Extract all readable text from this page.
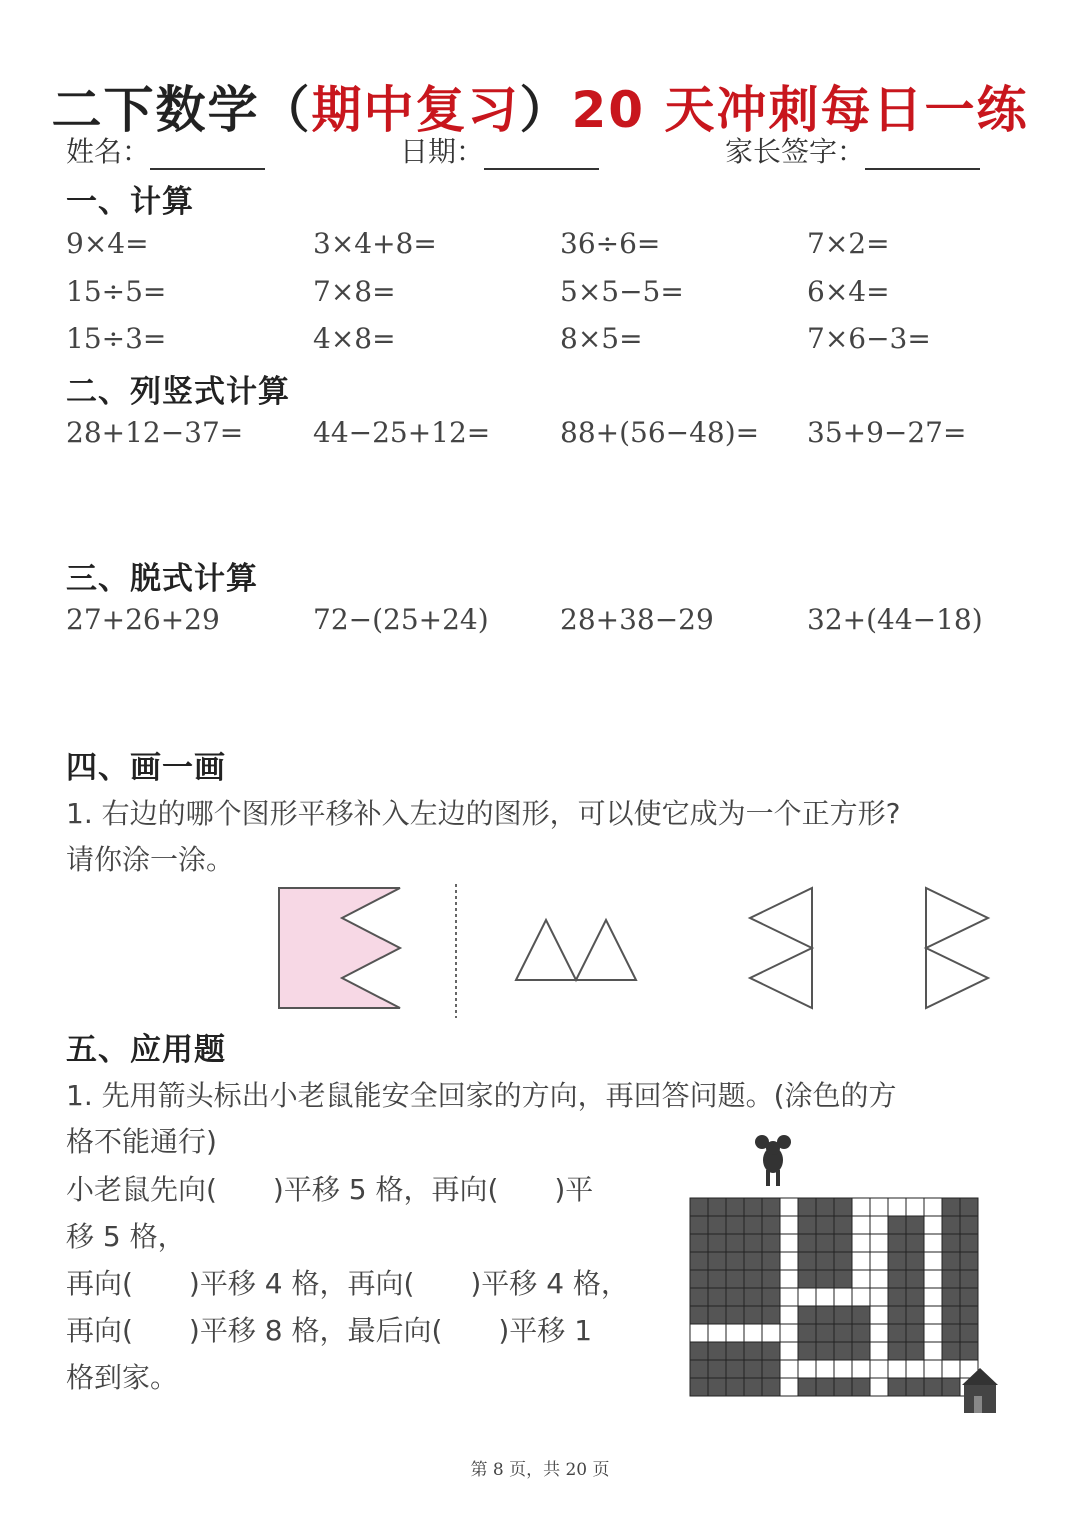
二下数学（期中复习）20 天冲刺每日一练
姓名：	日期：	家长签字：
一、计算
9×4=	3×4+8=	36÷6=	7×2=
15÷5=	7×8=	5×5−5=	6×4=
15÷3=	4×8=	8×5=	7×6−3=
二、列竖式计算
28+12−37= 44−25+12= 88+(56−48)= 35+9−27=
三、脱式计算
27+26+29	72−(25+24)	28+38−29	32+(44−18)
四、画一画
1. 右边的哪个图形平移补入左边的图形，可以使它成为一个正方形?
请你涂一涂。
五、应用题
1. 先用箭头标出小老鼠能安全回家的方向，再回答问题。(涂色的方
格不能通行)
小老鼠先向(　　)平移 5 格，再向(　　)平
移 5 格，
再向(　　)平移 4 格，再向(　　)平移 4 格，
再向(　　)平移 8 格，最后向(　　)平移 1
格到家。
第 8 页，共 20 页
